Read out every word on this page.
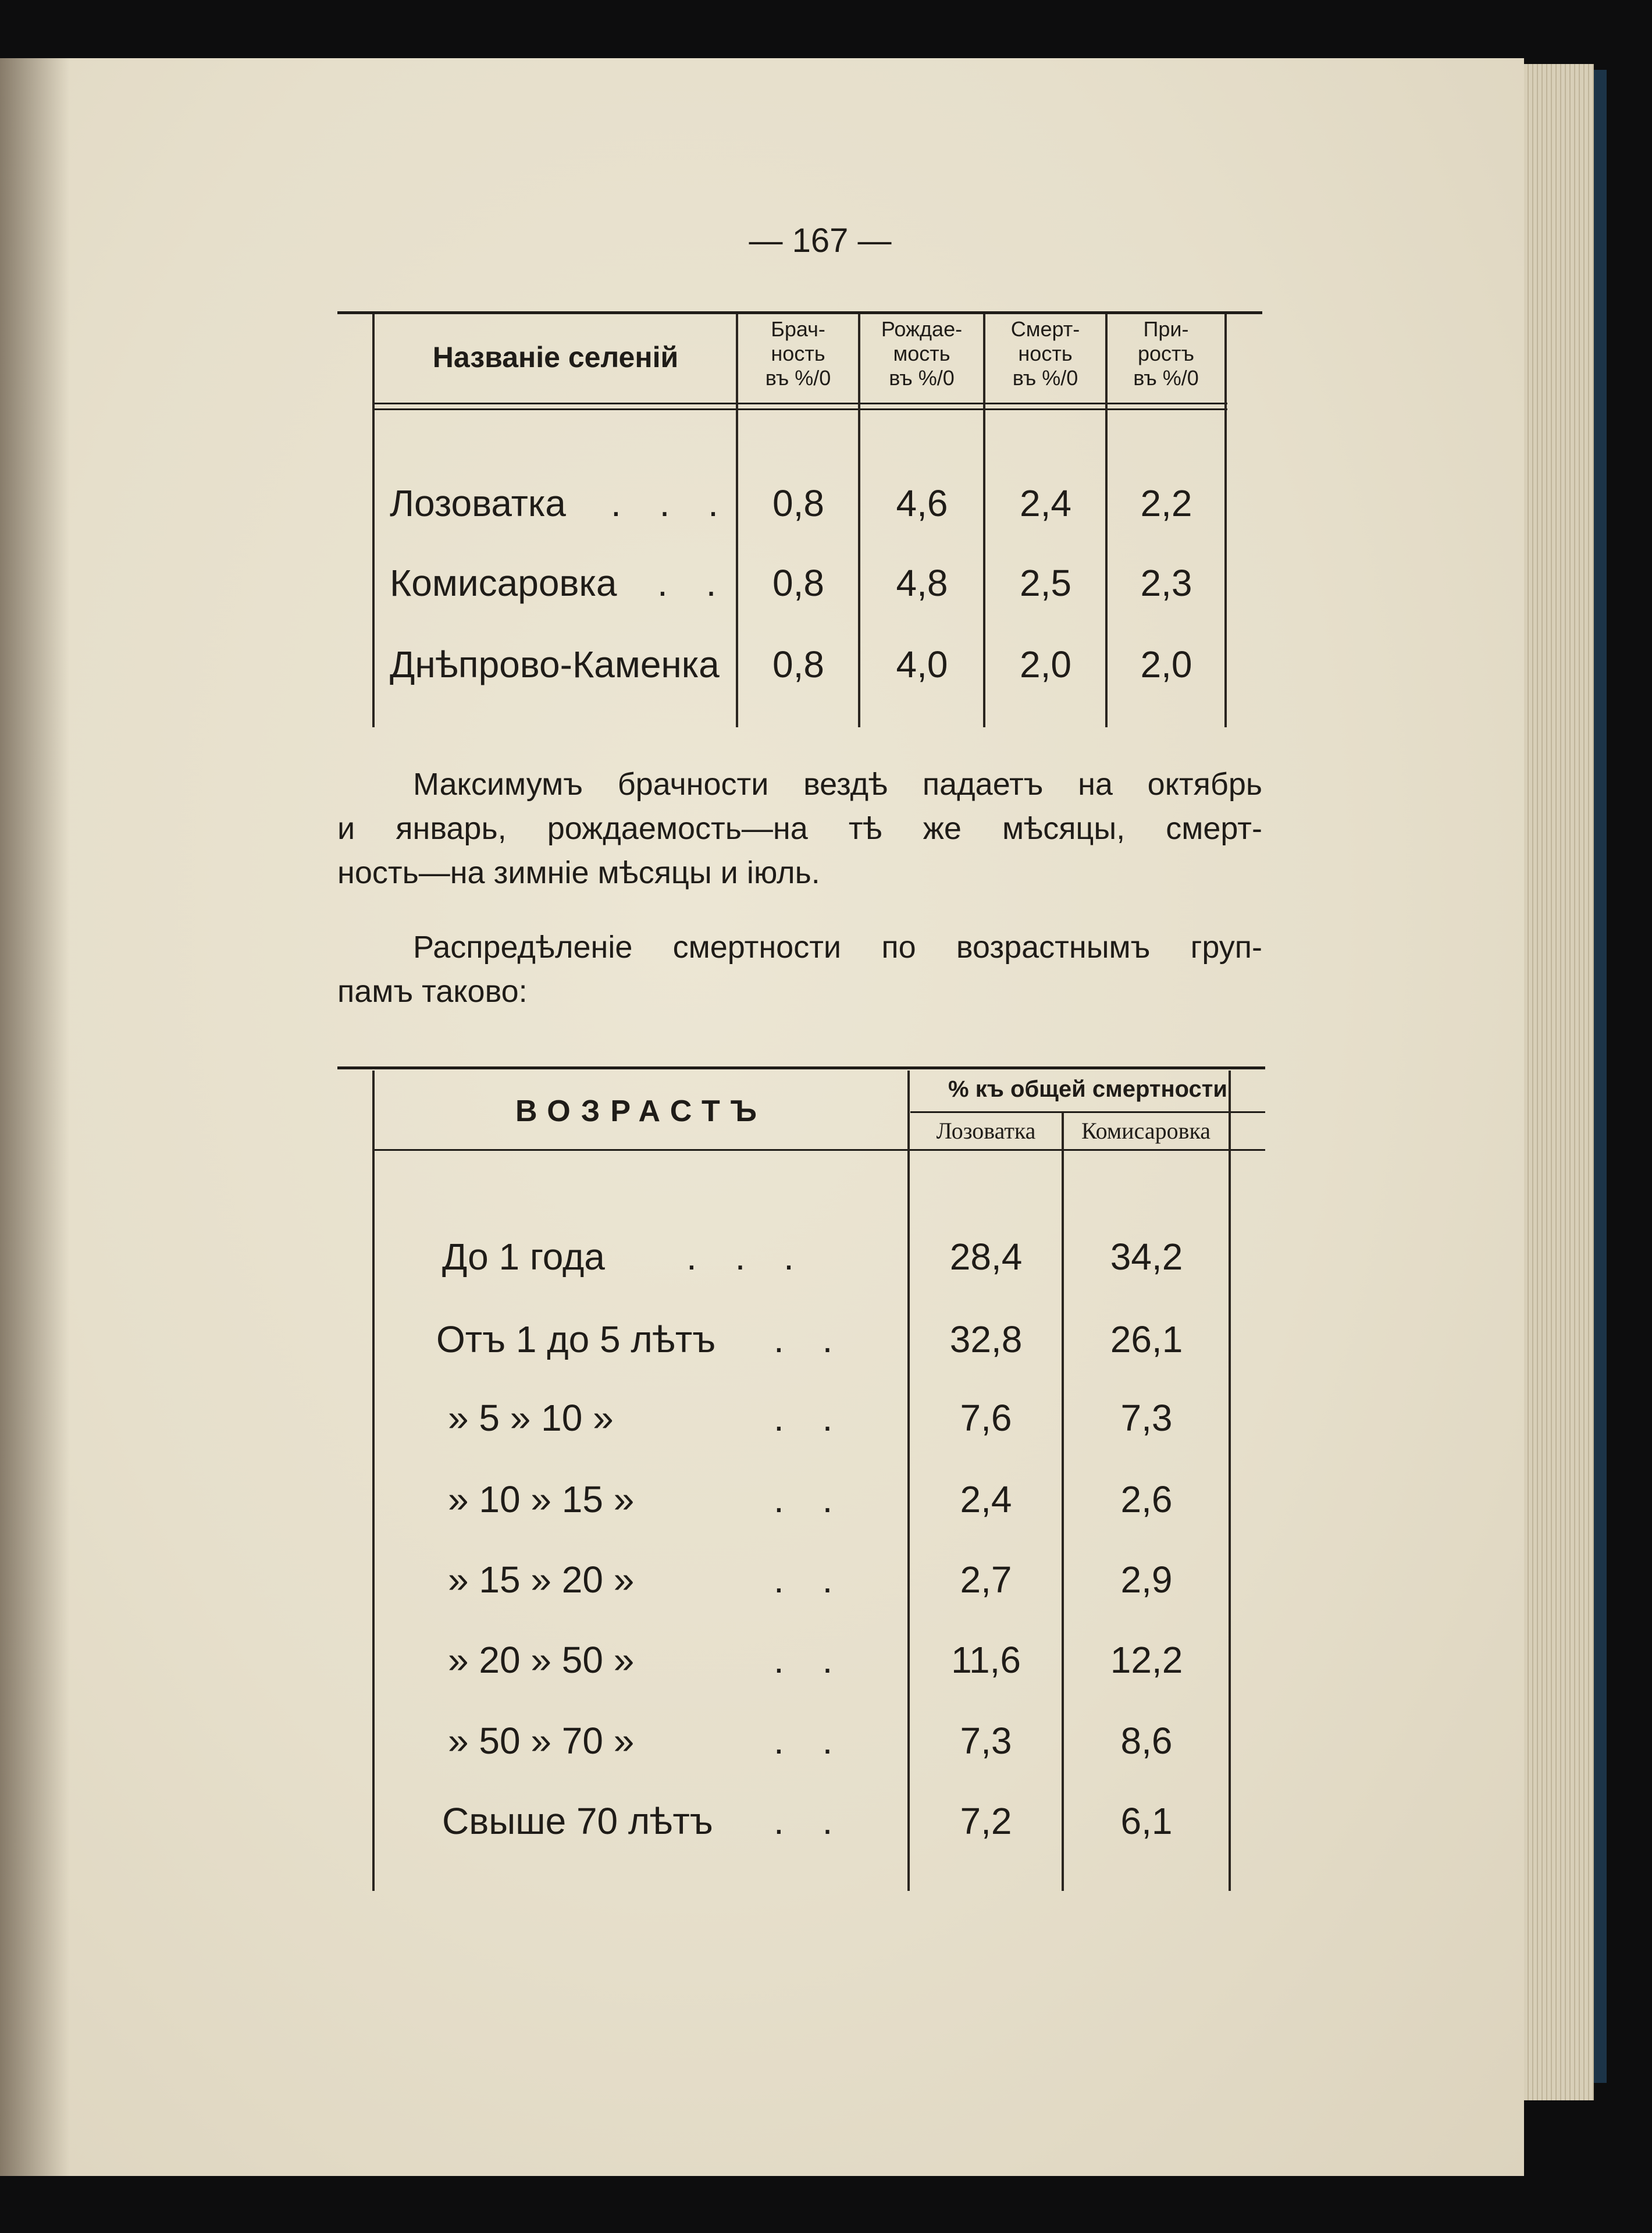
— 167 —
Названіе селеній
Брач-
ность
въ %/0
Рождае-
мость
въ %/0
Смерт-
ность
въ %/0
При-
ростъ
въ %/0
Лозоватка . . .	0,8	4,6	2,4	2,2
Комисаровка . .	0,8	4,8	2,5	2,3
Днѣпрово-Каменка	0,8	4,0	2,0	2,0
Максимумъ брачности вездѣ падаетъ на октябрь
и январь, рождаемость—на тѣ же мѣсяцы, смерт-
ность—на зимніе мѣсяцы и іюль.
Распредѣленіе смертности по возрастнымъ груп-
памъ таково:
ВОЗРАСТЪ
% къ общей смертности
Лозоватка	Комисаровка
До 1 года . . .	28,4	34,2
Отъ 1 до 5 лѣтъ . .	32,8	26,1
» 5 » 10 »	. .	7,6	7,3
» 10 » 15 »	. .	2,4	2,6
» 15 » 20 »	. .	2,7	2,9
» 20 » 50 »	. .	11,6	12,2
» 50 » 70 »	. .	7,3	8,6
Свыше 70 лѣтъ . .	7,2	6,1
